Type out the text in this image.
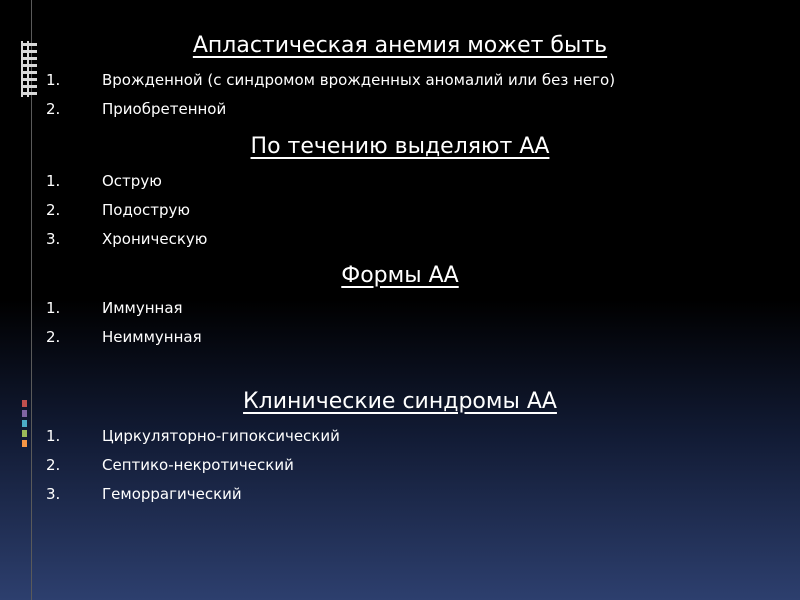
Апластическая анемия может быть
1.	Врожденной (с синдромом врожденных аномалий или без него)
2.	Приобретенной
По течению выделяют АА
1.	Острую
2.	Подострую
3.	Хроническую
Формы АА
1.	Иммунная
2.	Неиммунная
Клинические синдромы АА
1.	Циркуляторно-гипоксический
2.	Септико-некротический
3.	Геморрагический
